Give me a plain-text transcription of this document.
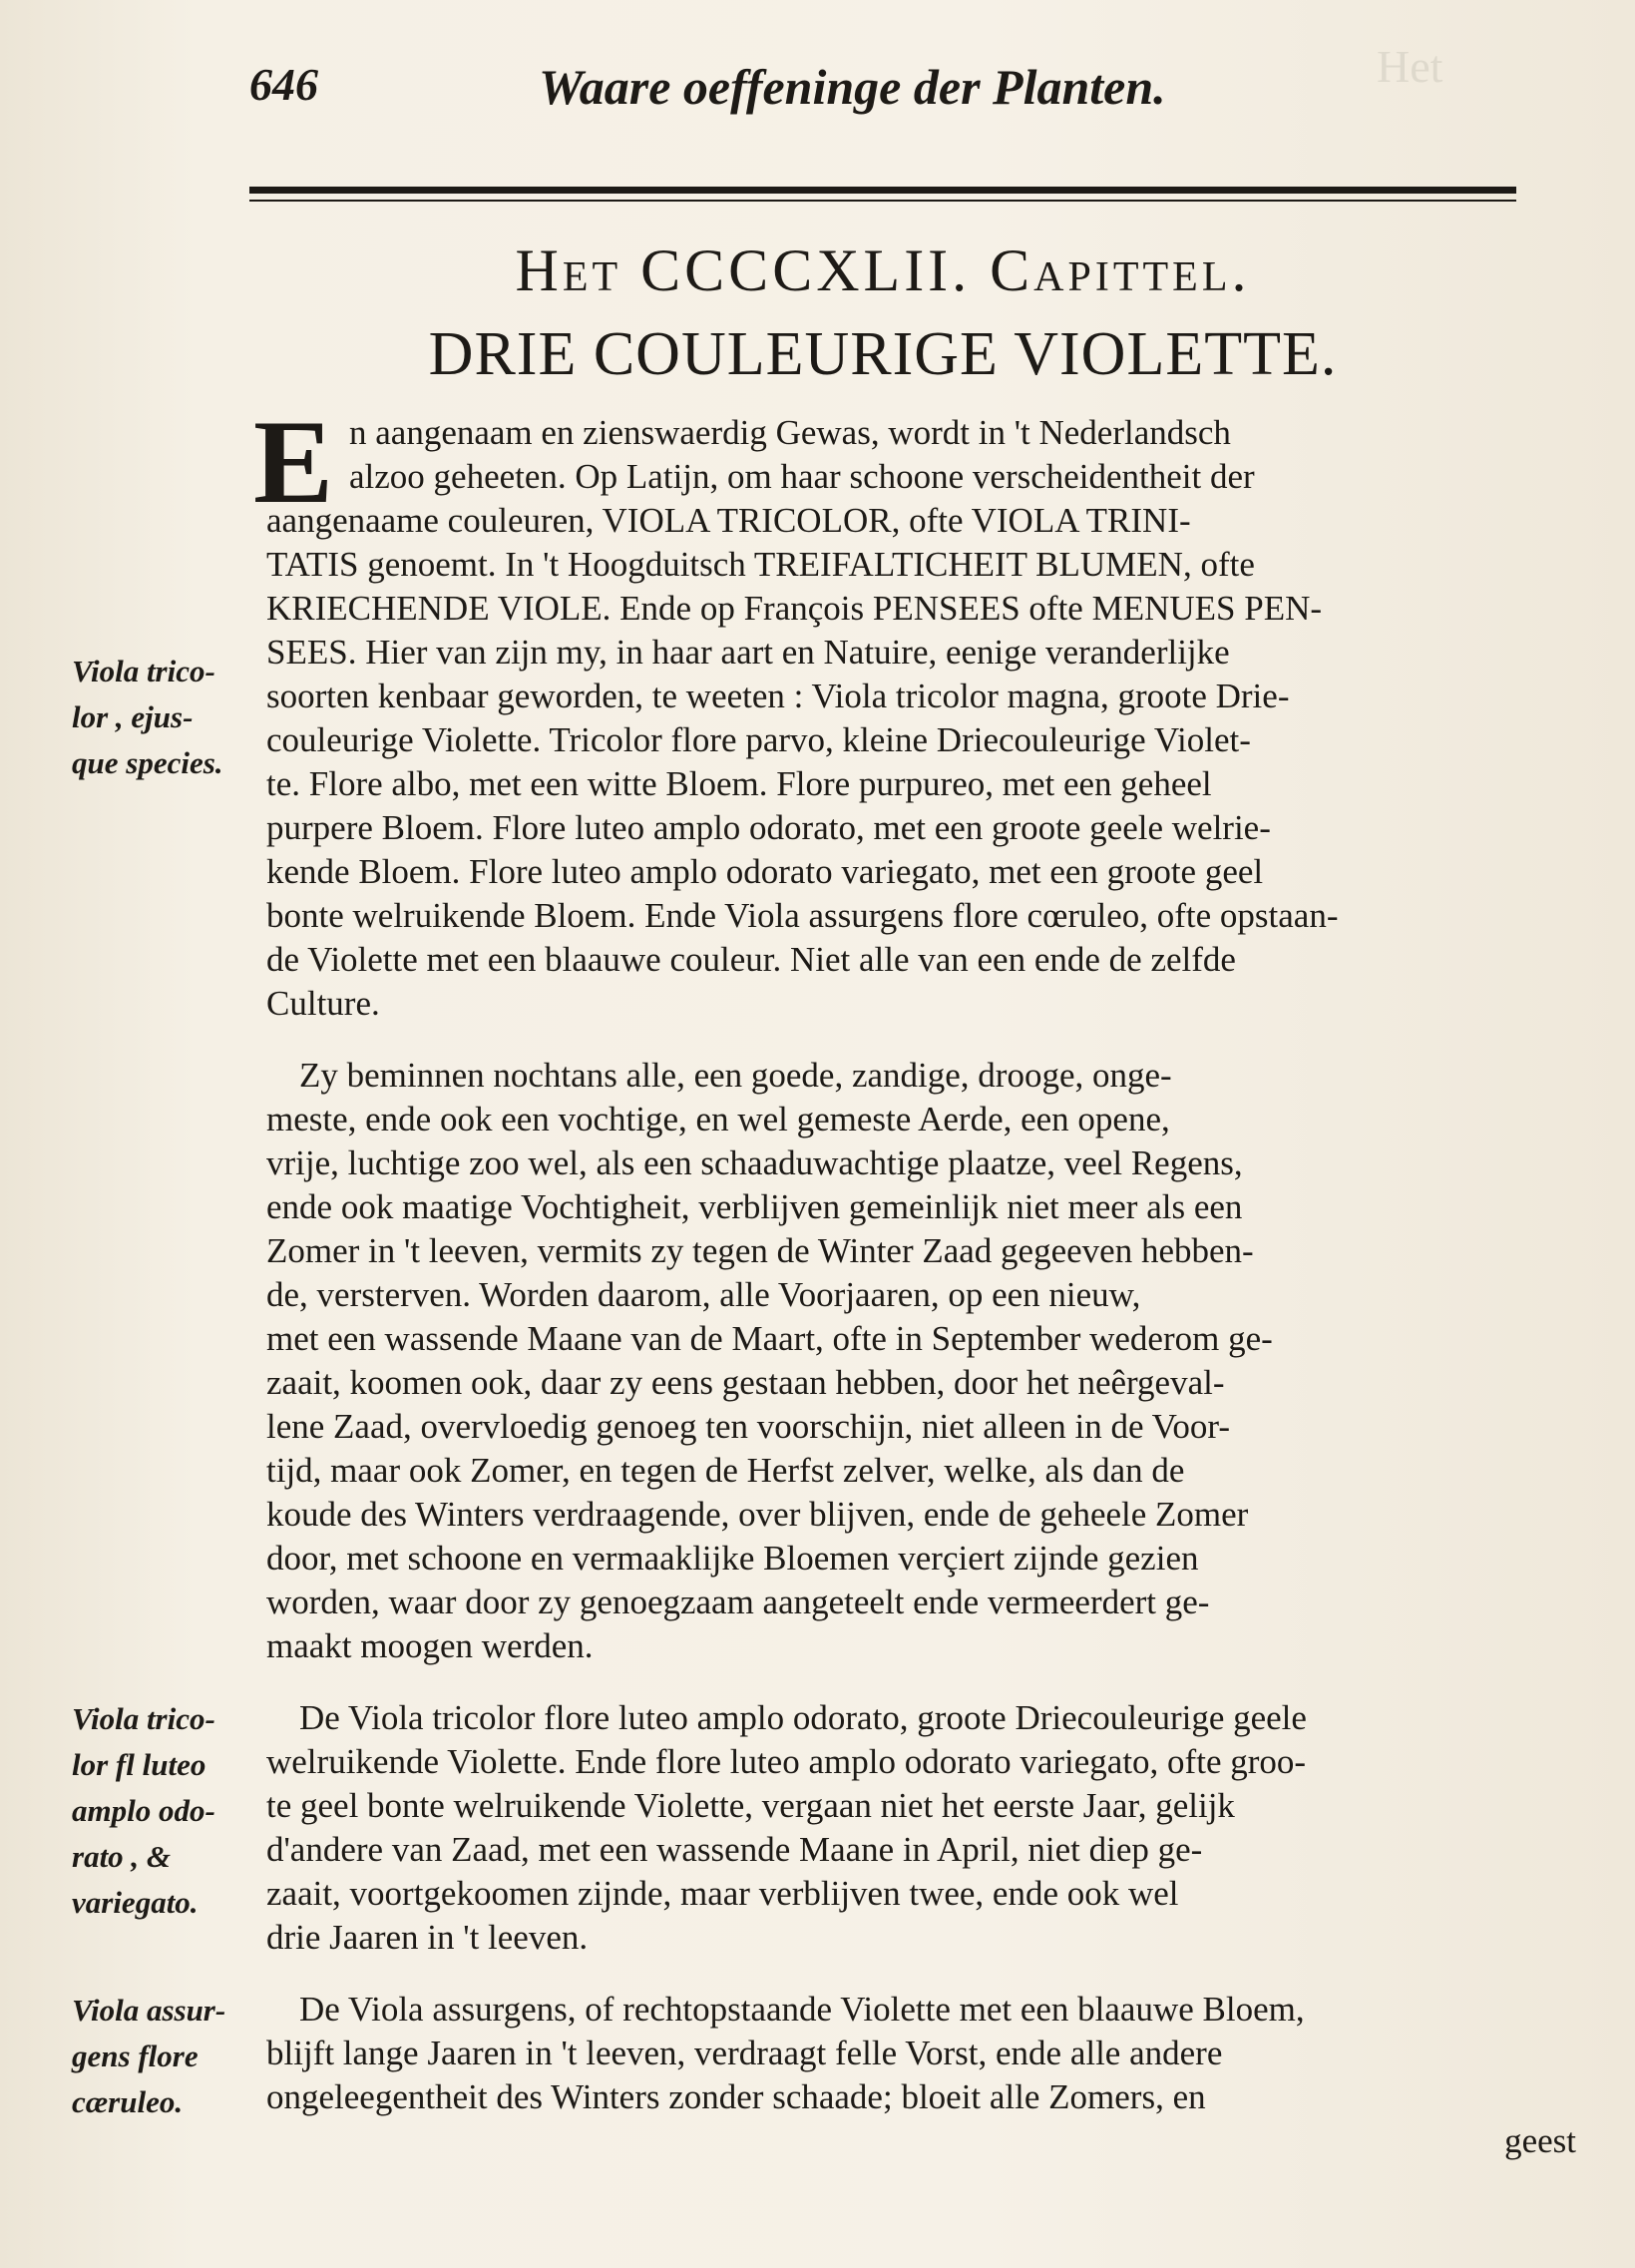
Het
646	Waare oeffeninge der Planten.
Het CCCCXLII. Capittel.
DRIE COULEURIGE VIOLETTE.
E n aangenaam en zienswaerdig Gewas, wordt in 't Nederlandsch
alzoo geheeten. Op Latijn, om haar schoone verscheidentheit der
aangenaame couleuren, VIOLA TRICOLOR, ofte VIOLA TRINI-
TATIS genoemt. In 't Hoogduitsch TREIFALTICHEIT BLUMEN, ofte
KRIECHENDE VIOLE. Ende op François PENSEES ofte MENUES PEN-
SEES. Hier van zijn my, in haar aart en Natuire, eenige veranderlijke
soorten kenbaar geworden, te weeten : Viola tricolor magna, groote Drie-
couleurige Violette. Tricolor flore parvo, kleine Driecouleurige Violet-
te. Flore albo, met een witte Bloem. Flore purpureo, met een geheel
purpere Bloem. Flore luteo amplo odorato, met een groote geele welrie-
kende Bloem. Flore luteo amplo odorato variegato, met een groote geel
bonte welruikende Bloem. Ende Viola assurgens flore cœruleo, ofte opstaan-
de Violette met een blaauwe couleur. Niet alle van een ende de zelfde
Culture.
Zy beminnen nochtans alle, een goede, zandige, drooge, onge-
meste, ende ook een vochtige, en wel gemeste Aerde, een opene,
vrije, luchtige zoo wel, als een schaaduwachtige plaatze, veel Regens,
ende ook maatige Vochtigheit, verblijven gemeinlijk niet meer als een
Zomer in 't leeven, vermits zy tegen de Winter Zaad gegeeven hebben-
de, versterven. Worden daarom, alle Voorjaaren, op een nieuw,
met een wassende Maane van de Maart, ofte in September wederom ge-
zaait, koomen ook, daar zy eens gestaan hebben, door het neêrgeval-
lene Zaad, overvloedig genoeg ten voorschijn, niet alleen in de Voor-
tijd, maar ook Zomer, en tegen de Herfst zelver, welke, als dan de
koude des Winters verdraagende, over blijven, ende de geheele Zomer
door, met schoone en vermaaklijke Bloemen verçiert zijnde gezien
worden, waar door zy genoegzaam aangeteelt ende vermeerdert ge-
maakt moogen werden.
De Viola tricolor flore luteo amplo odorato, groote Driecouleurige geele
welruikende Violette. Ende flore luteo amplo odorato variegato, ofte groo-
te geel bonte welruikende Violette, vergaan niet het eerste Jaar, gelijk
d'andere van Zaad, met een wassende Maane in April, niet diep ge-
zaait, voortgekoomen zijnde, maar verblijven twee, ende ook wel
drie Jaaren in 't leeven.
De Viola assurgens, of rechtopstaande Violette met een blaauwe Bloem,
blijft lange Jaaren in 't leeven, verdraagt felle Vorst, ende alle andere
ongeleegentheit des Winters zonder schaade; bloeit alle Zomers, en
geest
Viola trico-
lor , ejus-
que species.
Viola trico-
lor fl luteo
amplo odo-
rato , &
variegato.
Viola assur-
gens flore
cæruleo.
